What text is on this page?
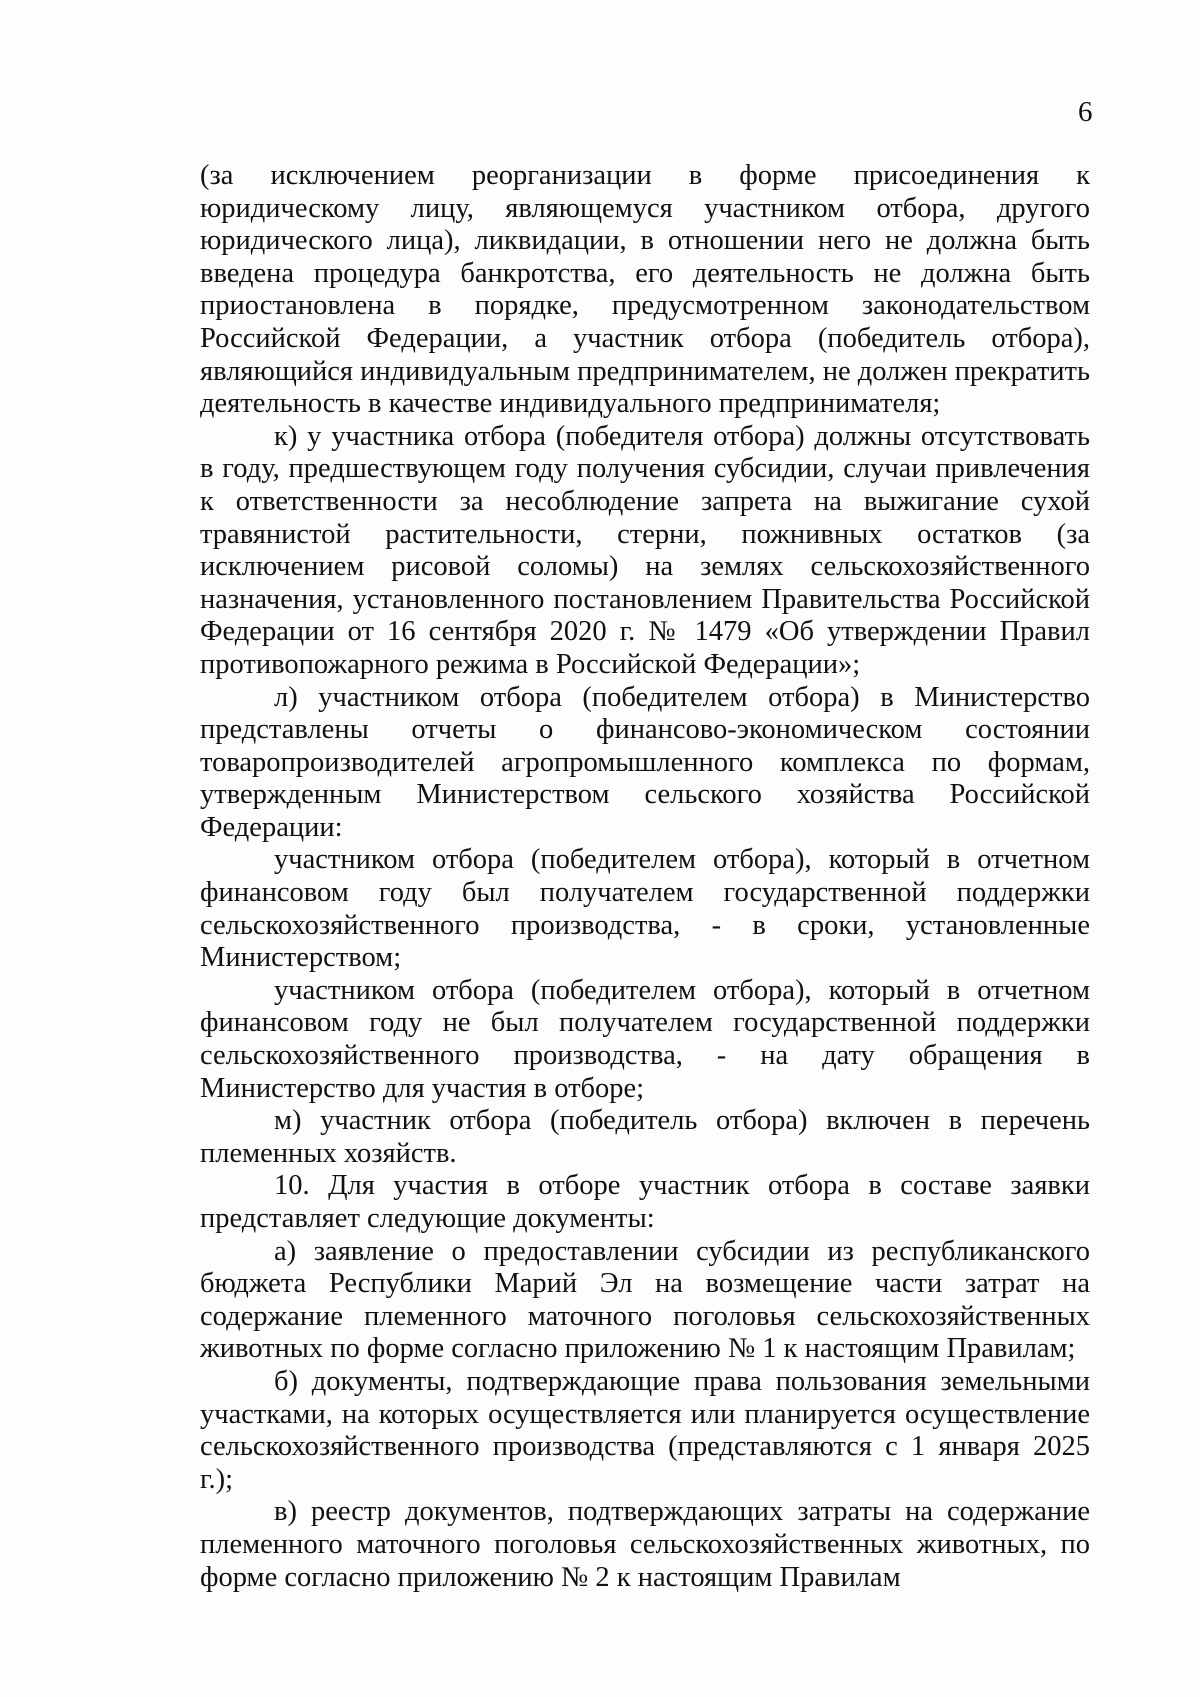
6

(за исключением реорганизации в форме присоединения к юридическому лицу, являющемуся участником отбора, другого юридического лица), ликвидации, в отношении него не должна быть введена процедура банкротства, его деятельность не должна быть приостановлена в порядке, предусмотренном законодательством Российской Федерации, а участник отбора (победитель отбора), являющийся индивидуальным предпринимателем, не должен прекратить деятельность в качестве индивидуального предпринимателя;

к) у участника отбора (победителя отбора) должны отсутствовать в году, предшествующем году получения субсидии, случаи привлечения к ответственности за несоблюдение запрета на выжигание сухой травянистой растительности, стерни, пожнивных остатков (за исключением рисовой соломы) на землях сельскохозяйственного назначения, установленного постановлением Правительства Российской Федерации от 16 сентября 2020 г. № 1479 «Об утверждении Правил противопожарного режима в Российской Федерации»;

л) участником отбора (победителем отбора) в Министерство представлены отчеты о финансово-экономическом состоянии товаропроизводителей агропромышленного комплекса по формам, утвержденным Министерством сельского хозяйства Российской Федерации:

участником отбора (победителем отбора), который в отчетном финансовом году был получателем государственной поддержки сельскохозяйственного производства, - в сроки, установленные Министерством;

участником отбора (победителем отбора), который в отчетном финансовом году не был получателем государственной поддержки сельскохозяйственного производства, - на дату обращения в Министерство для участия в отборе;

м) участник отбора (победитель отбора) включен в перечень племенных хозяйств.

10. Для участия в отборе участник отбора в составе заявки представляет следующие документы:

а) заявление о предоставлении субсидии из республиканского бюджета Республики Марий Эл на возмещение части затрат на содержание племенного маточного поголовья сельскохозяйственных животных по форме согласно приложению № 1 к настоящим Правилам;

б) документы, подтверждающие права пользования земельными участками, на которых осуществляется или планируется осуществление сельскохозяйственного производства (представляются с 1 января 2025 г.);

в) реестр документов, подтверждающих затраты на содержание племенного маточного поголовья сельскохозяйственных животных, по форме согласно приложению № 2 к настоящим Правилам
